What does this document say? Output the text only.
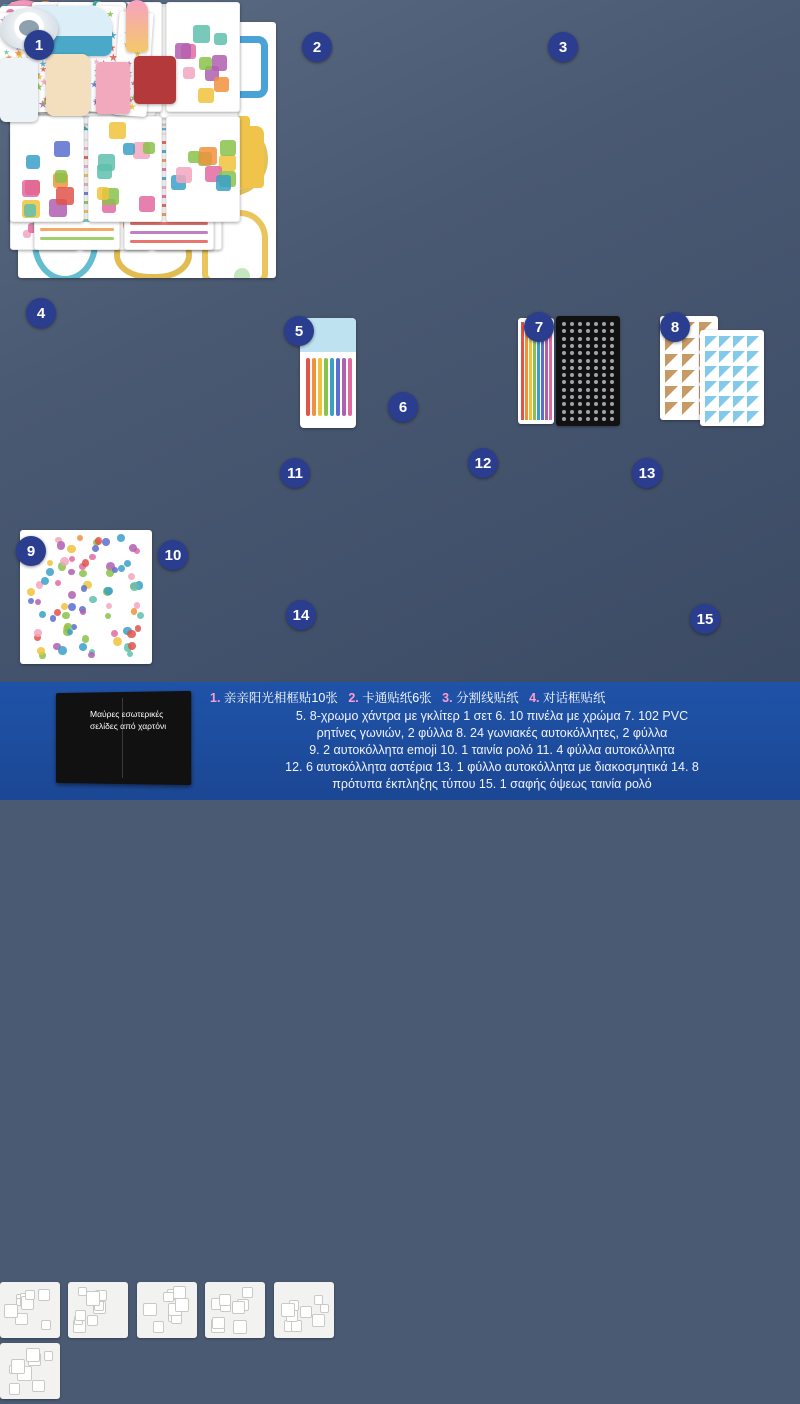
1	2	3
4
5
6
7	8
9	10
11
12
13

14	15
Μαύρες εσωτερικές σελίδες από χαρτόνι
1. 亲亲阳光相框贴10张 2. 卡通贴纸6张 3. 分割线贴纸 4. 对话框贴纸
5. 8-χρωμο χάντρα με γκλίτερ 1 σετ 6. 10 πινέλα με χρώμα 7. 102 PVC
ρητίνες γωνιών, 2 φύλλα 8. 24 γωνιακές αυτοκόλλητες, 2 φύλλα
9. 2 αυτοκόλλητα emoji 10. 1 ταινία ρολό 11. 4 φύλλα αυτοκόλλητα
12. 6 αυτοκόλλητα αστέρια 13. 1 φύλλο αυτοκόλλητα με διακοσμητικά 14. 8
πρότυπα έκπληξης τύπου 15. 1 σαφής όψεως ταινία ρολό
